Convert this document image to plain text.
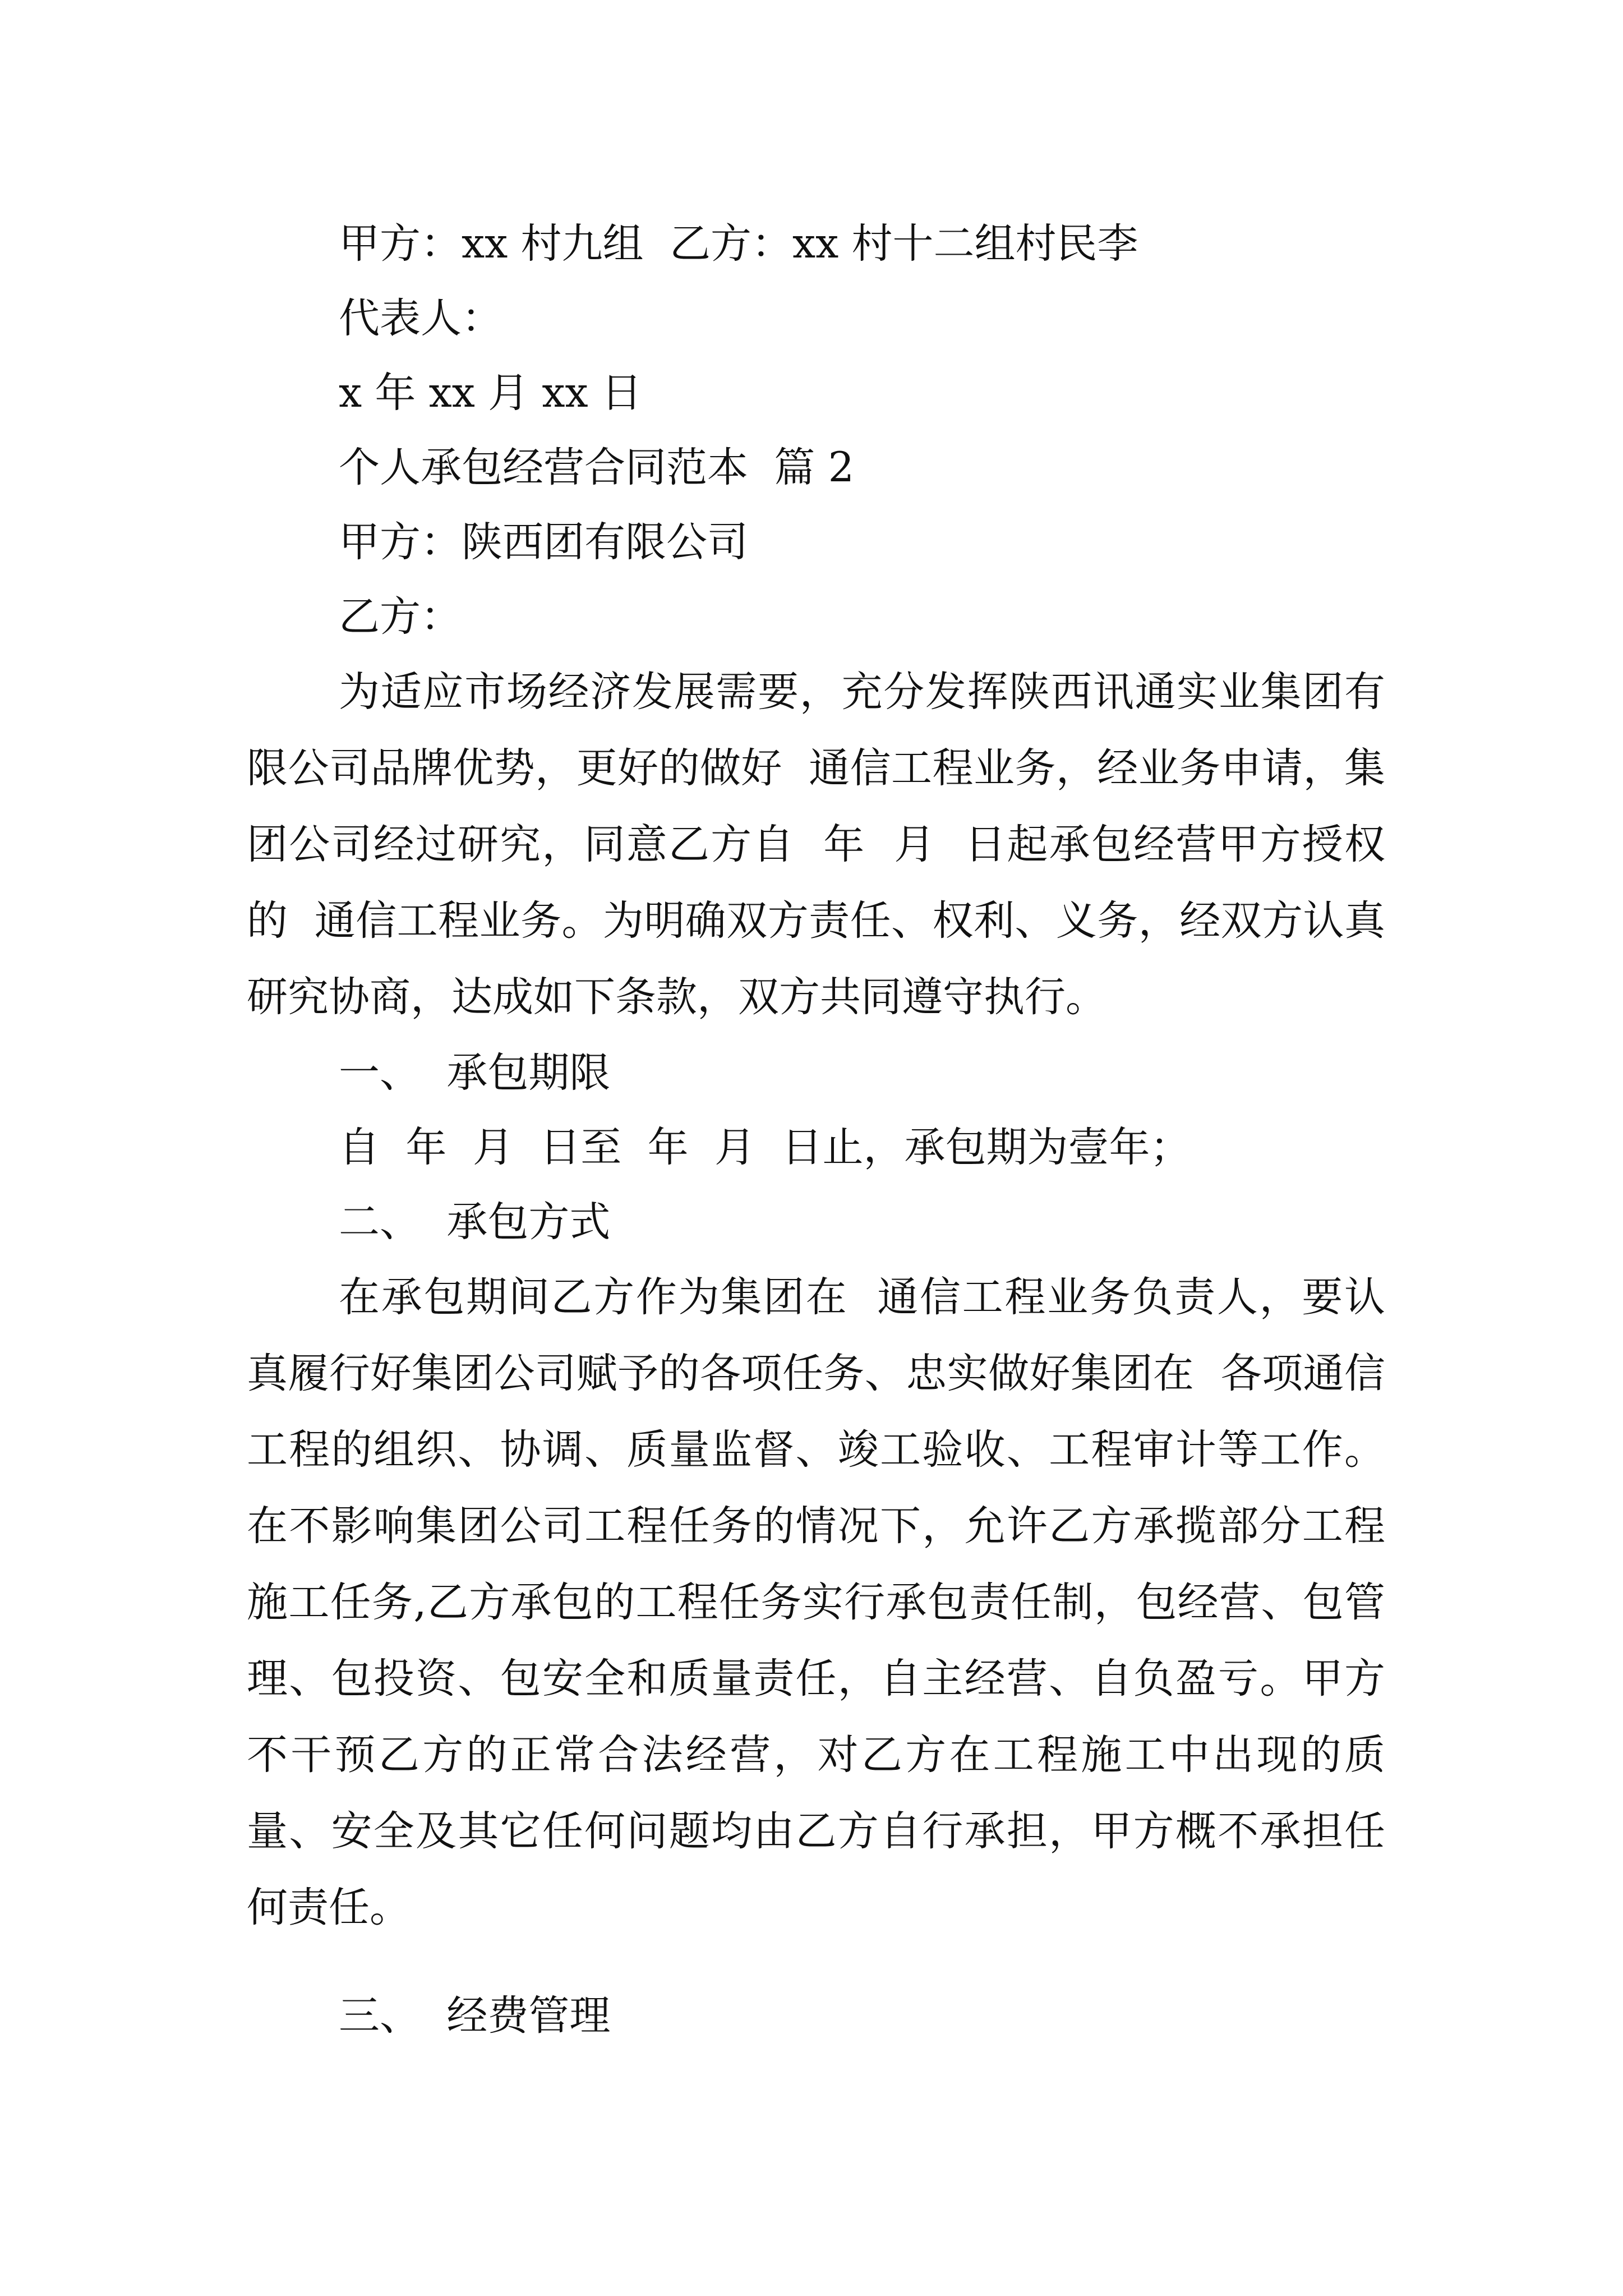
甲方：xx 村九组  乙方：xx 村十二组村民李

代表人：

x 年 xx 月 xx 日

个人承包经营合同范本  篇 2

甲方：陕西团有限公司

乙方：

为适应市场经济发展需要，充分发挥陕西讯通实业集团有限公司品牌优势，更好的做好  通信工程业务，经业务申请，集团公司经过研究，同意乙方自  年  月  日起承包经营甲方授权的  通信工程业务。为明确双方责任、权利、义务，经双方认真研究协商，达成如下条款，双方共同遵守执行。

一、  承包期限

自  年  月  日至  年  月  日止，承包期为壹年；

二、  承包方式

在承包期间乙方作为集团在  通信工程业务负责人，要认真履行好集团公司赋予的各项任务、忠实做好集团在  各项通信工程的组织、协调、质量监督、竣工验收、工程审计等工作。在不影响集团公司工程任务的情况下，允许乙方承揽部分工程施工任务,乙方承包的工程任务实行承包责任制，包经营、包管理、包投资、包安全和质量责任，自主经营、自负盈亏。甲方不干预乙方的正常合法经营，对乙方在工程施工中出现的质量、安全及其它任何问题均由乙方自行承担，甲方概不承担任何责任。

三、  经费管理
